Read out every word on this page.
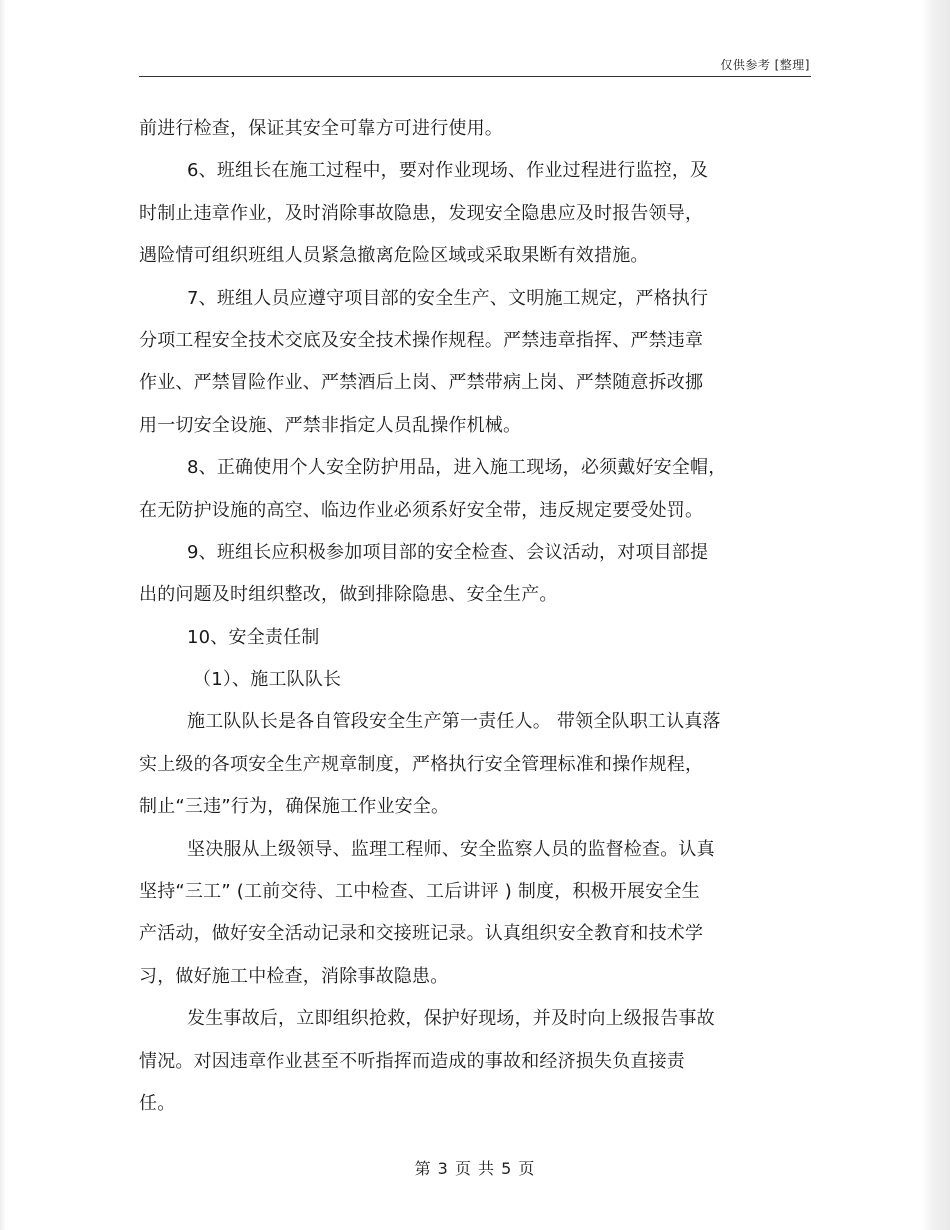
仅供参考 [整理]
前进行检查，保证其安全可靠方可进行使用。
6、班组长在施工过程中，要对作业现场、作业过程进行监控，及
时制止违章作业，及时消除事故隐患，发现安全隐患应及时报告领导，
遇险情可组织班组人员紧急撤离危险区域或采取果断有效措施。
7、班组人员应遵守项目部的安全生产、文明施工规定，严格执行
分项工程安全技术交底及安全技术操作规程。严禁违章指挥、严禁违章
作业、严禁冒险作业、严禁酒后上岗、严禁带病上岗、严禁随意拆改挪
用一切安全设施、严禁非指定人员乱操作机械。
8、正确使用个人安全防护用品，进入施工现场，必须戴好安全帽，
在无防护设施的高空、临边作业必须系好安全带，违反规定要受处罚。
9、班组长应积极参加项目部的安全检查、会议活动，对项目部提
出的问题及时组织整改，做到排除隐患、安全生产。
10、安全责任制
（1）、施工队队长
施工队队长是各自管段安全生产第一责任人。 带领全队职工认真落
实上级的各项安全生产规章制度，严格执行安全管理标准和操作规程，
制止“三违”行为，确保施工作业安全。
坚决服从上级领导、监理工程师、安全监察人员的监督检查。认真
坚持“三工” (工前交待、工中检查、工后讲评 ) 制度，积极开展安全生
产活动，做好安全活动记录和交接班记录。认真组织安全教育和技术学
习，做好施工中检查，消除事故隐患。
发生事故后，立即组织抢救，保护好现场，并及时向上级报告事故
情况。对因违章作业甚至不听指挥而造成的事故和经济损失负直接责
任。
第 3 页 共 5 页
